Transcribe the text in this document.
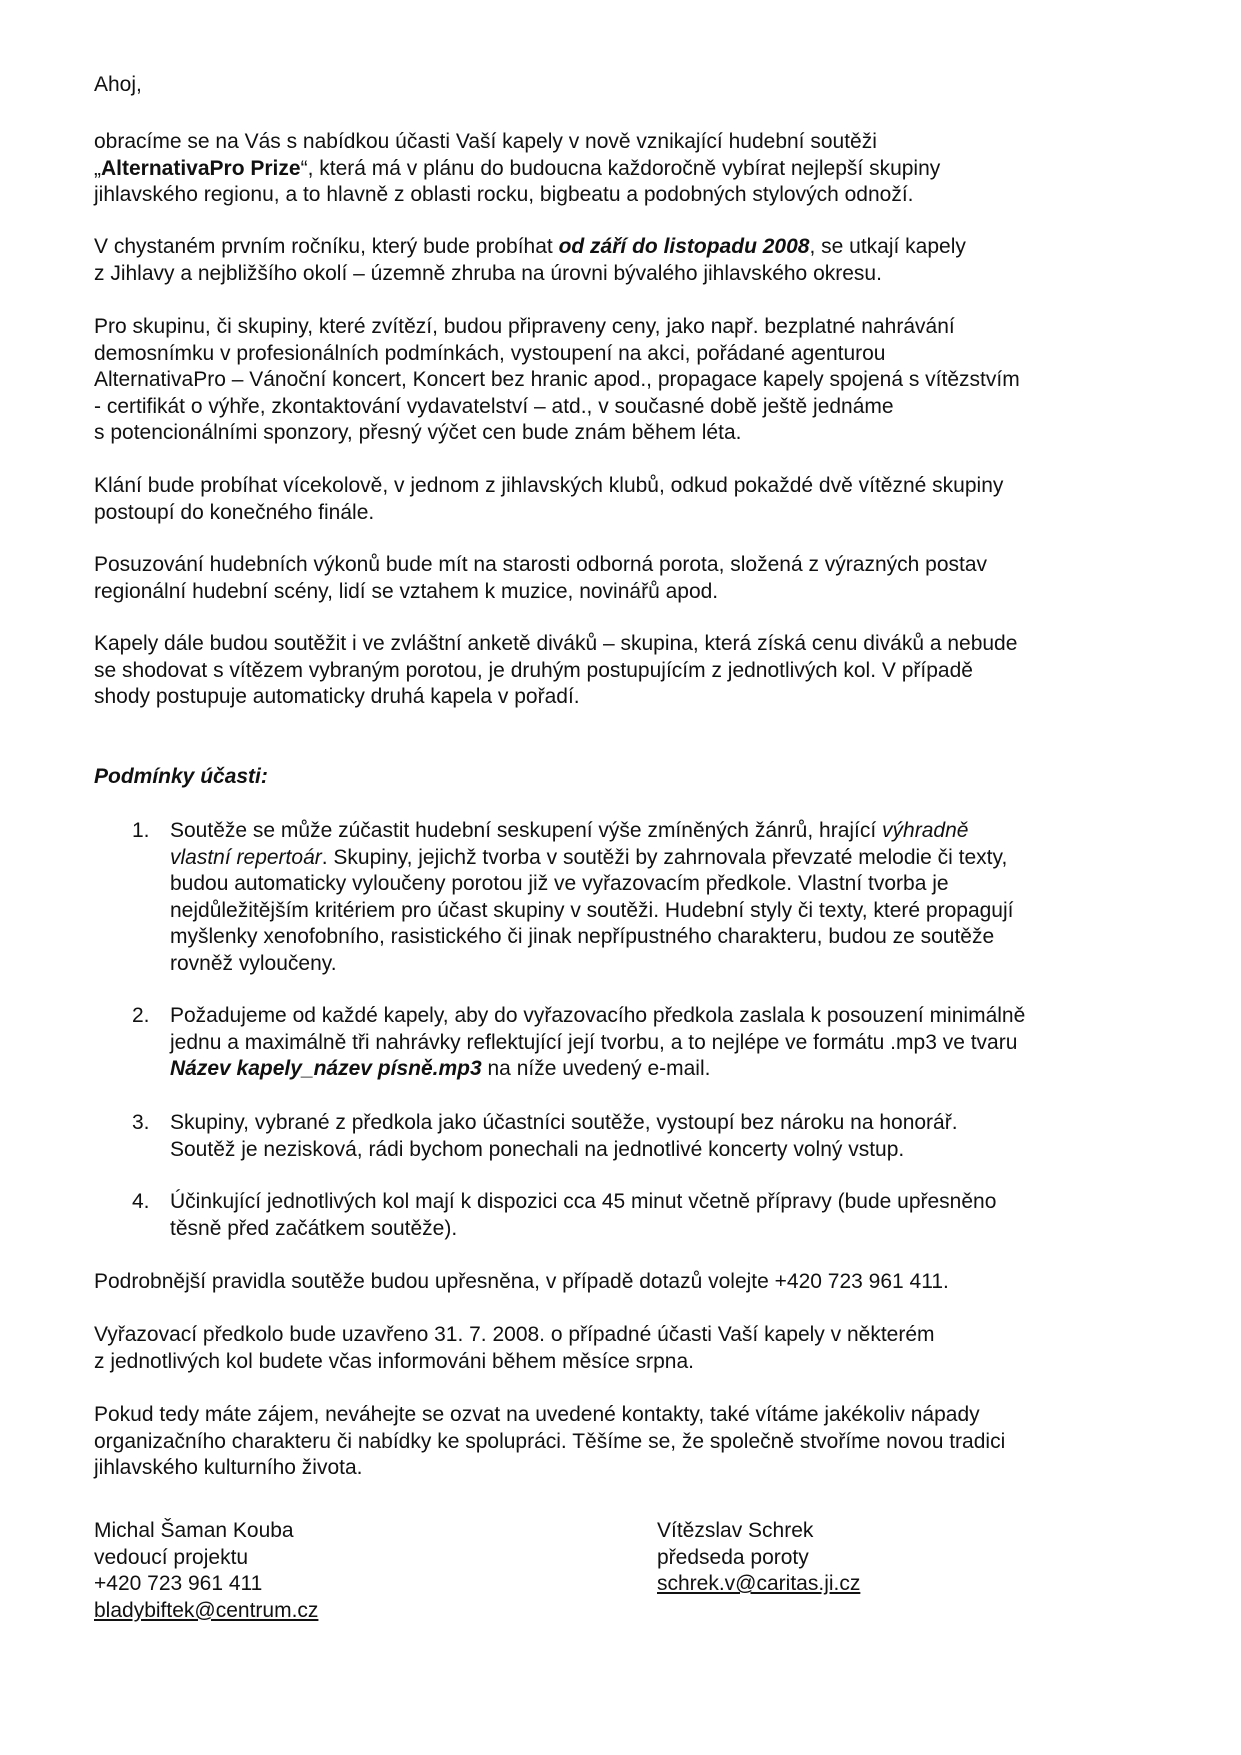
Ahoj,

obracíme se na Vás s nabídkou účasti Vaší kapely v nově vznikající hudební soutěži
„AlternativaPro Prize“, která má v plánu do budoucna každoročně vybírat nejlepší skupiny
jihlavského regionu, a to hlavně z oblasti rocku, bigbeatu a podobných stylových odnoží.

V chystaném prvním ročníku, který bude probíhat od září do listopadu 2008, se utkají kapely
z Jihlavy a nejbližšího okolí – územně zhruba na úrovni bývalého jihlavského okresu.

Pro skupinu, či skupiny, které zvítězí, budou připraveny ceny, jako např. bezplatné nahrávání
demosnímku v profesionálních podmínkách, vystoupení na akci, pořádané agenturou
AlternativaPro – Vánoční koncert, Koncert bez hranic apod., propagace kapely spojená s vítězstvím
- certifikát o výhře, zkontaktování vydavatelství – atd., v současné době ještě jednáme
s potencionálními sponzory, přesný výčet cen bude znám během léta.

Klání bude probíhat vícekolově, v jednom z jihlavských klubů, odkud pokaždé dvě vítězné skupiny
postoupí do konečného finále.

Posuzování hudebních výkonů bude mít na starosti odborná porota, složená z výrazných postav
regionální hudební scény, lidí se vztahem k muzice, novinářů apod.

Kapely dále budou soutěžit i ve zvláštní anketě diváků – skupina, která získá cenu diváků a nebude
se shodovat s vítězem vybraným porotou, je druhým postupujícím z jednotlivých kol. V případě
shody postupuje automaticky druhá kapela v pořadí.

Podmínky účasti:
1. Soutěže se může zúčastit hudební seskupení výše zmíněných žánrů, hrající výhradně
vlastní repertoár. Skupiny, jejichž tvorba v soutěži by zahrnovala převzaté melodie či texty,
budou automaticky vyloučeny porotou již ve vyřazovacím předkole. Vlastní tvorba je
nejdůležitějším kritériem pro účast skupiny v soutěži. Hudební styly či texty, které propagují
myšlenky xenofobního, rasistického či jinak nepřípustného charakteru, budou ze soutěže
rovněž vyloučeny.
2. Požadujeme od každé kapely, aby do vyřazovacího předkola zaslala k posouzení minimálně
jednu a maximálně tři nahrávky reflektující její tvorbu, a to nejlépe ve formátu .mp3 ve tvaru
Název kapely_název písně.mp3 na níže uvedený e-mail.
3. Skupiny, vybrané z předkola jako účastníci soutěže, vystoupí bez nároku na honorář.
Soutěž je nezisková, rádi bychom ponechali na jednotlivé koncerty volný vstup.
4. Účinkující jednotlivých kol mají k dispozici cca 45 minut včetně přípravy (bude upřesněno
těsně před začátkem soutěže).

Podrobnější pravidla soutěže budou upřesněna, v případě dotazů volejte +420 723 961 411.

Vyřazovací předkolo bude uzavřeno 31. 7. 2008. o případné účasti Vaší kapely v některém
z jednotlivých kol budete včas informováni během měsíce srpna.

Pokud tedy máte zájem, neváhejte se ozvat na uvedené kontakty, také vítáme jakékoliv nápady
organizačního charakteru či nabídky ke spolupráci. Těšíme se, že společně stvoříme novou tradici
jihlavského kulturního života.

Michal Šaman Kouba
vedoucí projektu
+420 723 961 411
bladybiftek@centrum.cz
Vítězslav Schrek
předseda poroty
schrek.v@caritas.ji.cz
